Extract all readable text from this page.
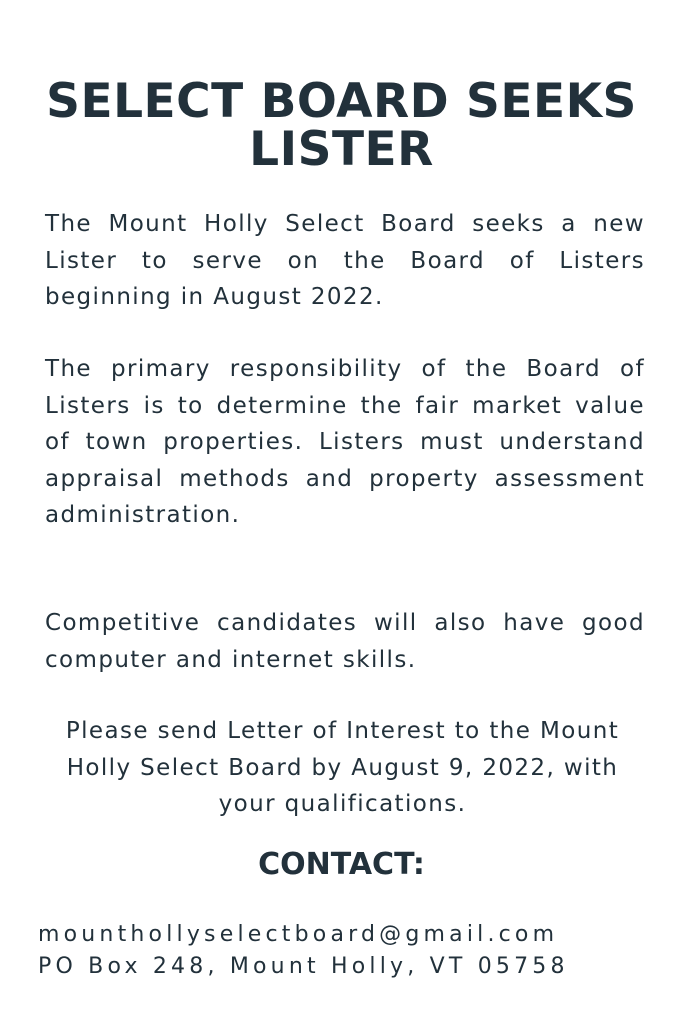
SELECT BOARD SEEKS LISTER

The Mount Holly Select Board seeks a new Lister to serve on the Board of Listers beginning in August 2022.

The primary responsibility of the Board of Listers is to determine the fair market value of town properties. Listers must understand appraisal methods and property assessment administration.

Competitive candidates will also have good computer and internet skills.

Please send Letter of Interest to the Mount Holly Select Board by August 9, 2022, with your qualifications.

CONTACT:

mounthollyselectboard@gmail.com

PO Box 248, Mount Holly, VT 05758
